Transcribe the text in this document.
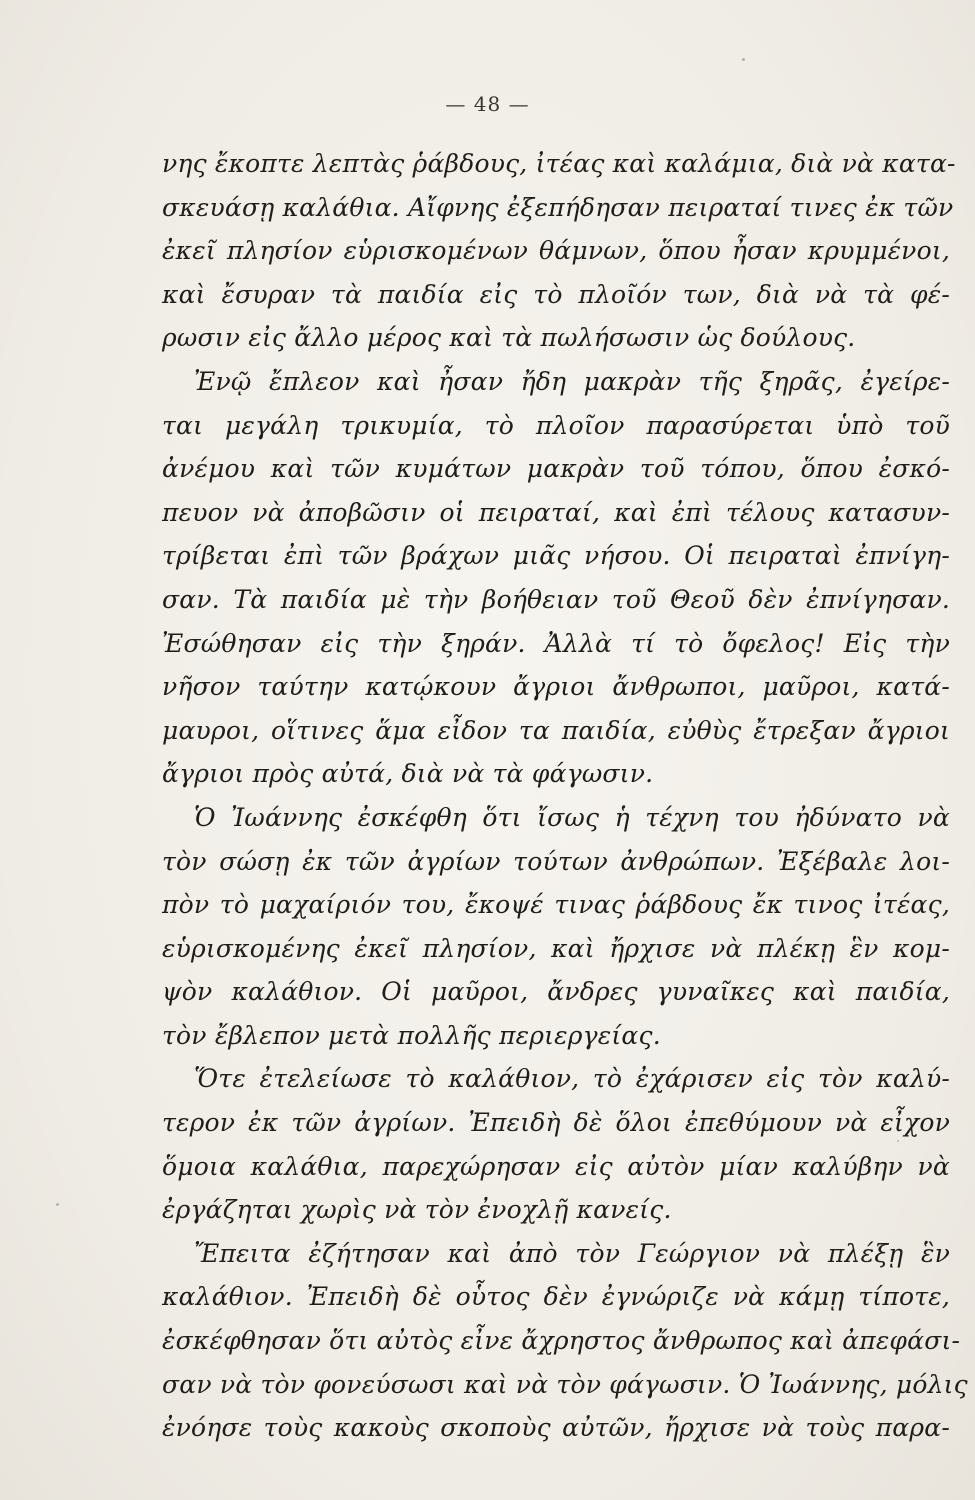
— 48 —
νης ἔκοπτε λεπτὰς ῥάβδους, ἰτέας καὶ καλάμια, διὰ νὰ κατα-
σκευάσῃ καλάθια. Αἴφνης ἐξεπήδησαν πειραταί τινες ἐκ τῶν
ἐκεῖ πλησίον εὑρισκομένων θάμνων, ὅπου ἦσαν κρυμμένοι,
καὶ ἔσυραν τὰ παιδία εἰς τὸ πλοῖόν των, διὰ νὰ τὰ φέ-
ρωσιν εἰς ἄλλο μέρος καὶ τὰ πωλήσωσιν ὡς δούλους.
Ἐνῷ ἔπλεον καὶ ἦσαν ἤδη μακρὰν τῆς ξηρᾶς, ἐγείρε-
ται μεγάλη τρικυμία, τὸ πλοῖον παρασύρεται ὑπὸ τοῦ
ἀνέμου καὶ τῶν κυμάτων μακρὰν τοῦ τόπου, ὅπου ἐσκό-
πευον νὰ ἀποβῶσιν οἱ πειραταί, καὶ ἐπὶ τέλους κατασυν-
τρίβεται ἐπὶ τῶν βράχων μιᾶς νήσου. Οἱ πειραταὶ ἐπνίγη-
σαν. Τὰ παιδία μὲ τὴν βοήθειαν τοῦ Θεοῦ δὲν ἐπνίγησαν.
Ἐσώθησαν εἰς τὴν ξηράν. Ἀλλὰ τί τὸ ὄφελος! Εἰς τὴν
νῆσον ταύτην κατῴκουν ἄγριοι ἄνθρωποι, μαῦροι, κατά-
μαυροι, οἵτινες ἅμα εἶδον τα παιδία, εὐθὺς ἔτρεξαν ἄγριοι
ἄγριοι πρὸς αὐτά, διὰ νὰ τὰ φάγωσιν.
Ὁ Ἰωάννης ἐσκέφθη ὅτι ἴσως ἡ τέχνη του ἠδύνατο νὰ
τὸν σώσῃ ἐκ τῶν ἀγρίων τούτων ἀνθρώπων. Ἐξέβαλε λοι-
πὸν τὸ μαχαίριόν του, ἔκοψέ τινας ῥάβδους ἔκ τινος ἰτέας,
εὑρισκομένης ἐκεῖ πλησίον, καὶ ἤρχισε νὰ πλέκῃ ἓν κομ-
ψὸν καλάθιον. Οἱ μαῦροι, ἄνδρες γυναῖκες καὶ παιδία,
τὸν ἔβλεπον μετὰ πολλῆς περιεργείας.
Ὅτε ἐτελείωσε τὸ καλάθιον, τὸ ἐχάρισεν εἰς τὸν καλύ-
τερον ἐκ τῶν ἀγρίων. Ἐπειδὴ δὲ ὅλοι ἐπεθύμουν νὰ εἶχον
ὅμοια καλάθια, παρεχώρησαν εἰς αὐτὸν μίαν καλύβην νὰ
ἐργάζηται χωρὶς νὰ τὸν ἐνοχλῇ κανείς.
Ἔπειτα ἐζήτησαν καὶ ἀπὸ τὸν Γεώργιον νὰ πλέξῃ ἓν
καλάθιον. Ἐπειδὴ δὲ οὗτος δὲν ἐγνώριζε νὰ κάμῃ τίποτε,
ἐσκέφθησαν ὅτι αὐτὸς εἶνε ἄχρηστος ἄνθρωπος καὶ ἀπεφάσι-
σαν νὰ τὸν φονεύσωσι καὶ νὰ τὸν φάγωσιν. Ὁ Ἰωάννης, μόλις
ἐνόησε τοὺς κακοὺς σκοποὺς αὐτῶν, ἤρχισε νὰ τοὺς παρα-
